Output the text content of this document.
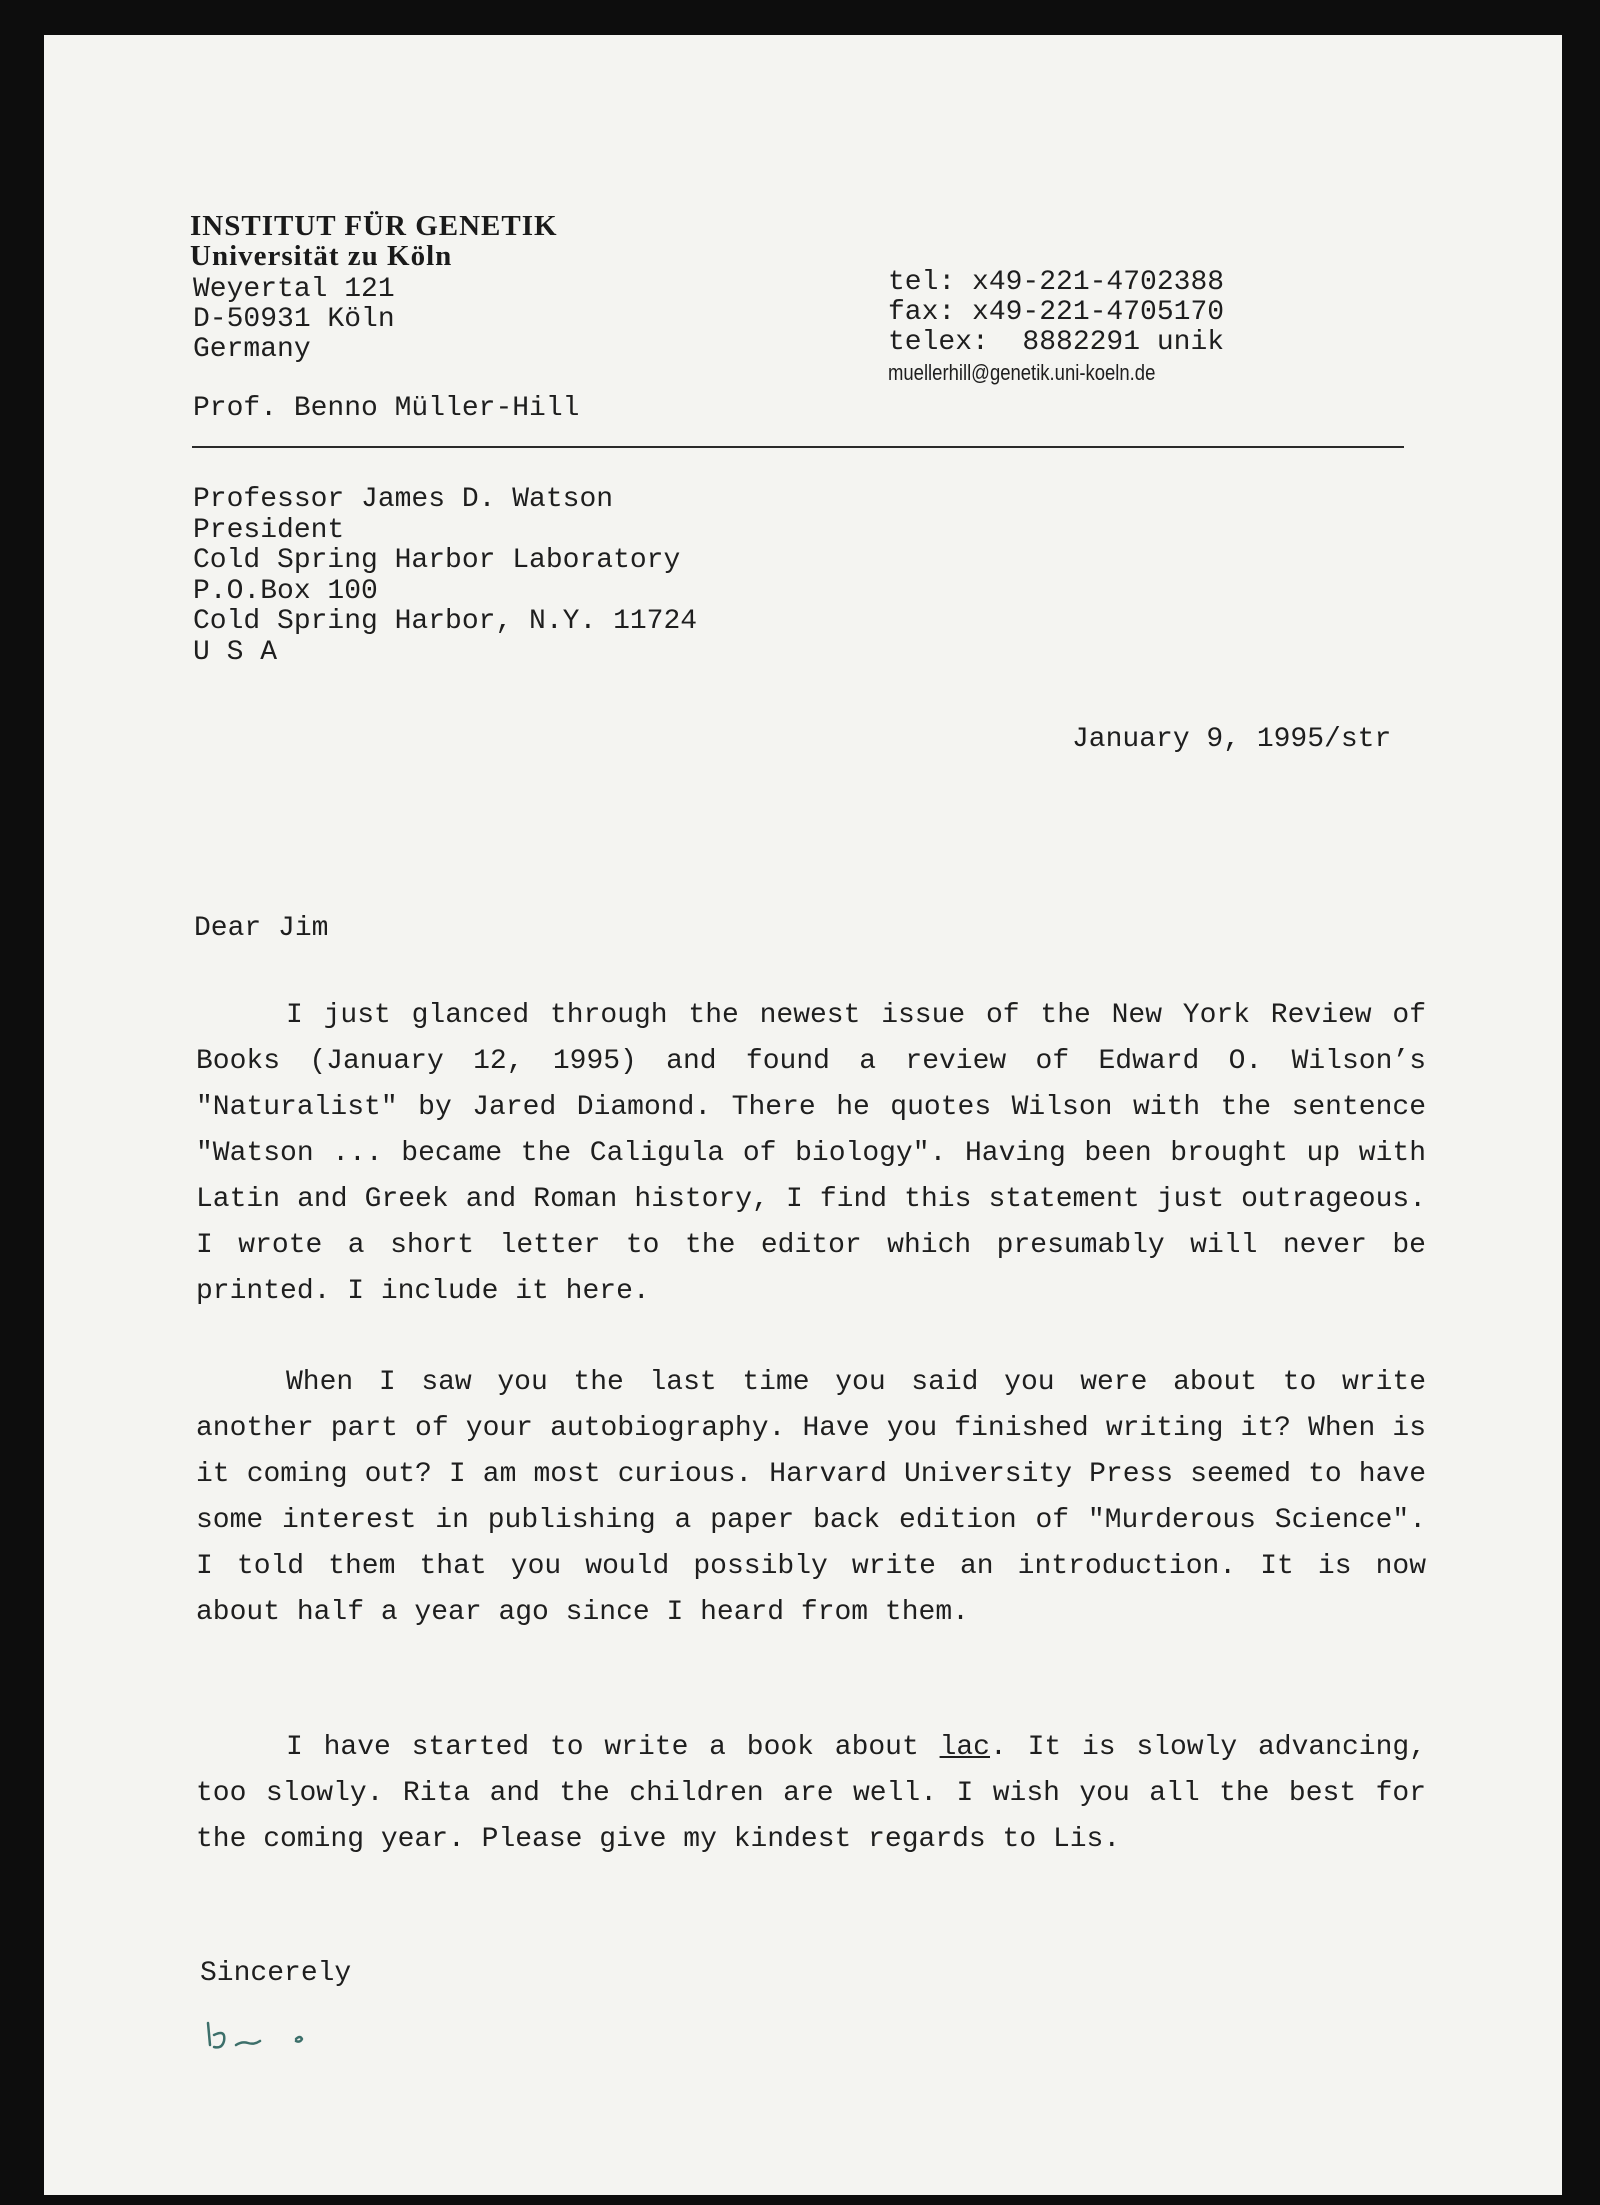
INSTITUT FÜR GENETIK
Universität zu Köln
Weyertal 121
D-50931 Köln
Germany
Prof. Benno Müller-Hill
tel: x49-221-4702388
fax: x49-221-4705170
telex:  8882291 unik
muellerhill@genetik.uni-koeln.de
Professor James D. Watson
President
Cold Spring Harbor Laboratory
P.O.Box 100
Cold Spring Harbor, N.Y. 11724
U S A
January 9, 1995/str
Dear Jim
I just glanced through the newest issue of the New York Review of Books (January 12, 1995) and found a review of Edward O. Wilson’s "Naturalist" by Jared Diamond. There he quotes Wilson with the sentence "Watson ... became the Caligula of biology". Having been brought up with Latin and Greek and Roman history, I find this statement just outrageous. I wrote a short letter to the editor which presumably will never be printed. I include it here.
When I saw you the last time you said you were about to write another part of your autobiography. Have you finished writing it? When is it coming out? I am most curious. Harvard University Press seemed to have some interest in publishing a paper back edition of "Murderous Science". I told them that you would possibly write an introduction. It is now about half a year ago since I heard from them.
I have started to write a book about lac. It is slowly advancing, too slowly. Rita and the children are well. I wish you all the best for the coming year. Please give my kindest regards to Lis.
Sincerely
